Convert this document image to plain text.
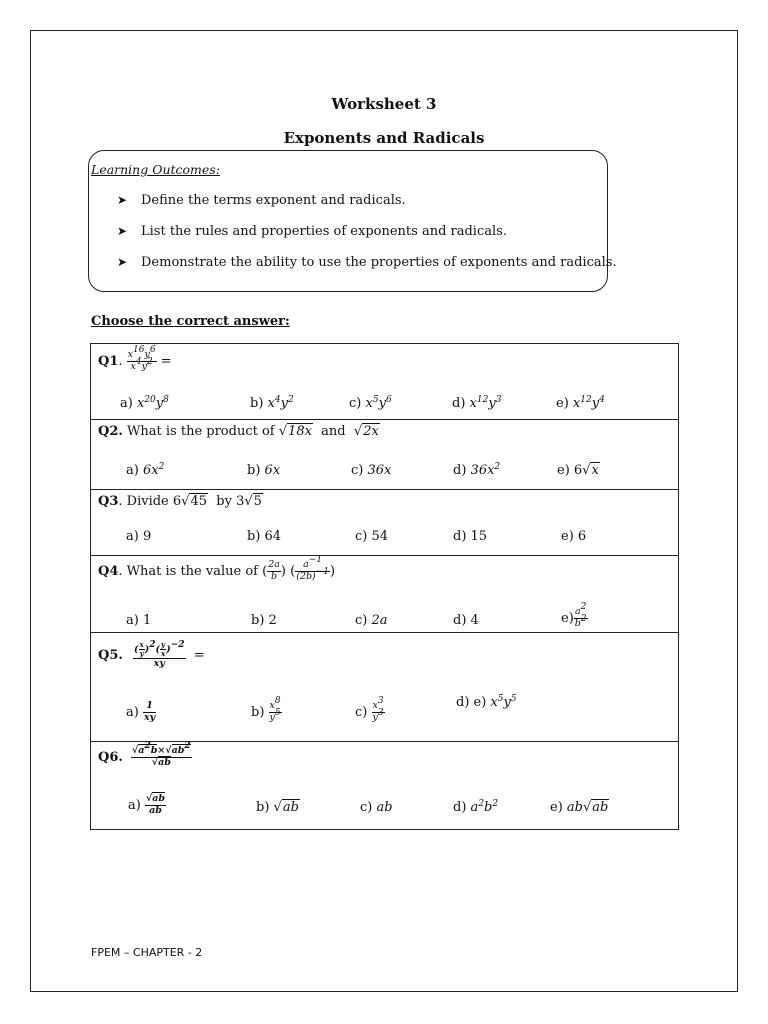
Worksheet 3
Exponents and Radicals
Learning Outcomes:
➤ Define the terms exponent and radicals.
➤ List the rules and properties of exponents and radicals.
➤ Demonstrate the ability to use the properties of exponents and radicals.
Choose the correct answer:
Q1. $\frac{x^{16}y^6}{x^4y^2}$ =
a) $x^{20}y^8$	b) $x^4y^2$	c) $x^5y^6$	d) $x^{12}y^3$	e) $x^{12}y^4$
Q2. What is the product of √18x  and  √2x
a) $6x^2$	b) 6x	c) 36x	d) $36x^2$	e) 6√x
Q3. Divide 6√45  by 3√5
a) 9	b) 64	c) 54	d) 15	e) 6
Q4. What is the value of ( $\frac{2a}{b}$ ) ( $\frac{a^{-1}}{(2b)^{-1}}$ )
a) 1	b) 2	c) 2a	d) 4	$e) \frac{a^2}{b^2}$
Q5. $\frac{( \frac{x}{y} )^2( \frac{y}{x} )^{-2}}{xy}$ =
$a) \frac{1}{xy}$	$b) \frac{x^8}{y^5}$	$c) \frac{x^3}{y^3}$	d) e) $x^5y^5$
Q6. $\frac{√a^2b\times√ab^2}{√ab}$
$a) \frac{√ab}{ab}$	b) √ab	c) ab	d) $a^2b^2$	e) ab√ab
FPEM – CHAPTER - 2
